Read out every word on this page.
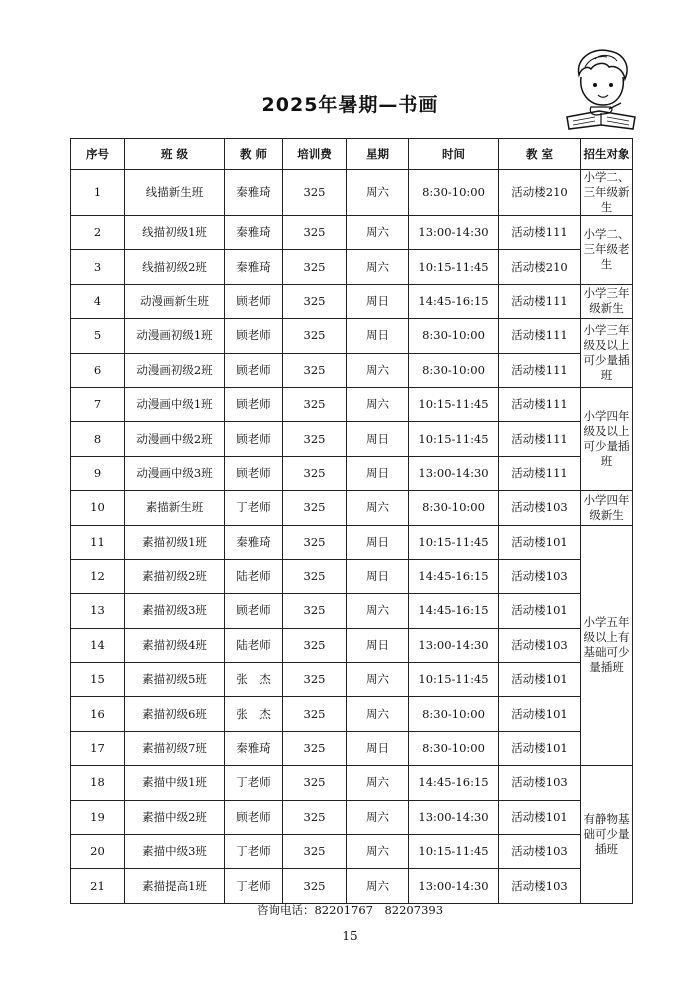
2025年暑期—书画
序号	班 级	教 师	培训费	星期	时间	教 室	招生对象
1	线描新生班	秦雅琦	325	周六	8:30-10:00	活动楼210	小学二、三年级新生
2	线描初级1班	秦雅琦	325	周六	13:00-14:30	活动楼111	小学二、三年级老生
3	线描初级2班	秦雅琦	325	周六	10:15-11:45	活动楼210	
4	动漫画新生班	顾老师	325	周日	14:45-16:15	活动楼111	小学三年级新生
5	动漫画初级1班	顾老师	325	周日	8:30-10:00	活动楼111	小学三年级及以上可少量插班
6	动漫画初级2班	顾老师	325	周六	8:30-10:00	活动楼111	
7	动漫画中级1班	顾老师	325	周六	10:15-11:45	活动楼111	小学四年级及以上可少量插班
8	动漫画中级2班	顾老师	325	周日	10:15-11:45	活动楼111	
9	动漫画中级3班	顾老师	325	周日	13:00-14:30	活动楼111	
10	素描新生班	丁老师	325	周六	8:30-10:00	活动楼103	小学四年级新生
11	素描初级1班	秦雅琦	325	周日	10:15-11:45	活动楼101	小学五年级以上有基础可少量插班
12	素描初级2班	陆老师	325	周日	14:45-16:15	活动楼103	
13	素描初级3班	顾老师	325	周六	14:45-16:15	活动楼101	
14	素描初级4班	陆老师	325	周日	13:00-14:30	活动楼103	
15	素描初级5班	张　杰	325	周六	10:15-11:45	活动楼101	
16	素描初级6班	张　杰	325	周六	8:30-10:00	活动楼101	
17	素描初级7班	秦雅琦	325	周日	8:30-10:00	活动楼101	
18	素描中级1班	丁老师	325	周六	14:45-16:15	活动楼103	有静物基础可少量插班
19	素描中级2班	顾老师	325	周六	13:00-14:30	活动楼101	
20	素描中级3班	丁老师	325	周六	10:15-11:45	活动楼103	
21	素描提高1班	丁老师	325	周六	13:00-14:30	活动楼103	
咨询电话：82201767　82207393
15
